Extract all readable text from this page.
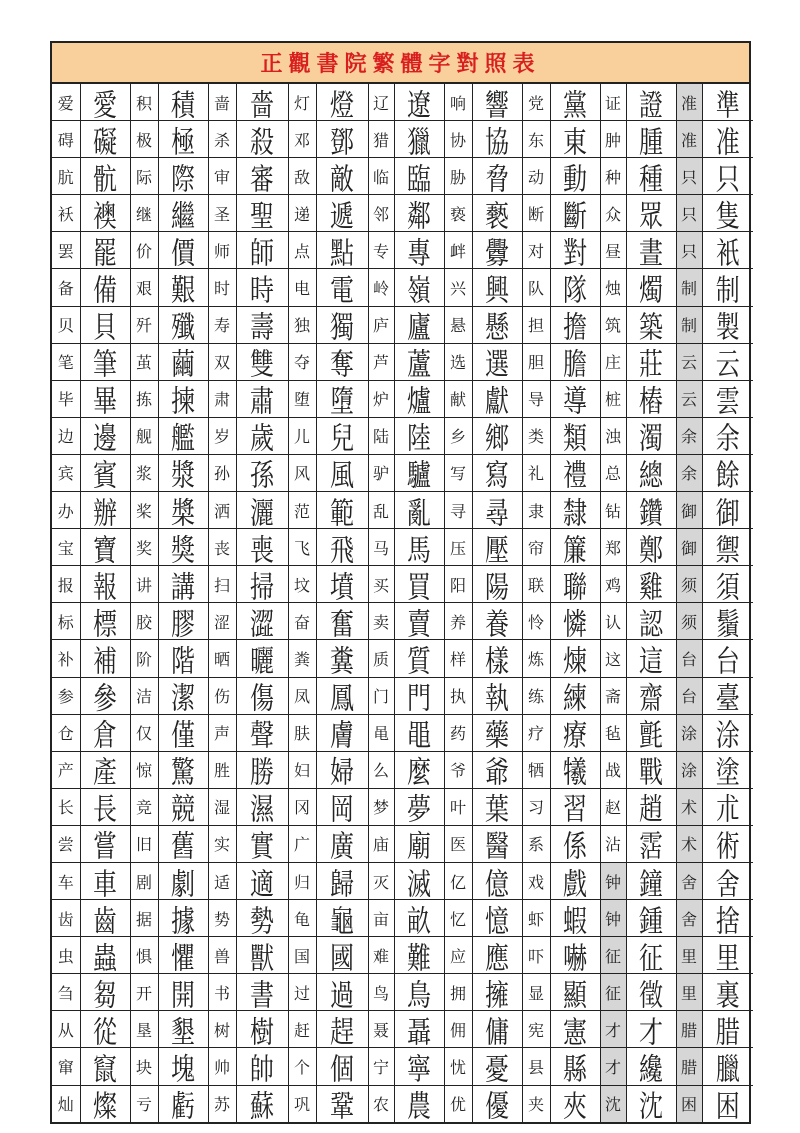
正觀書院繁體字對照表
爱	愛	积	積	啬	嗇	灯	燈	辽	遼	响	響	党	黨	证	證	准	準
碍	礙	极	極	杀	殺	邓	鄧	猎	獵	协	協	东	東	肿	腫	准	准
肮	骯	际	際	审	審	敌	敵	临	臨	胁	脅	动	動	种	種	只	只
袄	襖	继	繼	圣	聖	递	遞	邻	鄰	亵	褻	断	斷	众	眾	只	隻
罢	罷	价	價	师	師	点	點	专	專	衅	釁	对	對	昼	晝	只	衹
备	備	艰	艱	时	時	电	電	岭	嶺	兴	興	队	隊	烛	燭	制	制
贝	貝	歼	殲	寿	壽	独	獨	庐	廬	悬	懸	担	擔	筑	築	制	製
笔	筆	茧	繭	双	雙	夺	奪	芦	蘆	选	選	胆	膽	庄	莊	云	云
毕	畢	拣	揀	肃	肅	堕	墮	炉	爐	献	獻	导	導	桩	樁	云	雲
边	邊	舰	艦	岁	歲	儿	兒	陆	陸	乡	鄉	类	類	浊	濁	余	余
宾	賓	浆	漿	孙	孫	风	風	驴	驢	写	寫	礼	禮	总	總	余	餘
办	辦	桨	槳	洒	灑	范	範	乱	亂	寻	尋	隶	隸	钻	鑽	御	御
宝	寶	奖	獎	丧	喪	飞	飛	马	馬	压	壓	帘	簾	郑	鄭	御	禦
报	報	讲	講	扫	掃	坟	墳	买	買	阳	陽	联	聯	鸡	雞	须	須
标	標	胶	膠	涩	澀	奋	奮	卖	賣	养	養	怜	憐	认	認	须	鬚
补	補	阶	階	晒	曬	粪	糞	质	質	样	樣	炼	煉	这	這	台	台
参	參	洁	潔	伤	傷	凤	鳳	门	門	执	執	练	練	斋	齋	台	臺
仓	倉	仅	僅	声	聲	肤	膚	黾	黽	药	藥	疗	療	毡	氈	涂	涂
产	產	惊	驚	胜	勝	妇	婦	么	麼	爷	爺	牺	犧	战	戰	涂	塗
长	長	竞	競	湿	濕	冈	岡	梦	夢	叶	葉	习	習	赵	趙	术	朮
尝	嘗	旧	舊	实	實	广	廣	庙	廟	医	醫	系	係	沾	霑	术	術
车	車	剧	劇	适	適	归	歸	灭	滅	亿	億	戏	戲	钟	鐘	舍	舍
齿	齒	据	據	势	勢	龟	龜	亩	畝	忆	憶	虾	蝦	钟	鍾	舍	捨
虫	蟲	惧	懼	兽	獸	国	國	难	難	应	應	吓	嚇	征	征	里	里
刍	芻	开	開	书	書	过	過	鸟	鳥	拥	擁	显	顯	征	徵	里	裏
从	從	垦	墾	树	樹	赶	趕	聂	聶	佣	傭	宪	憲	才	才	腊	腊
窜	竄	块	塊	帅	帥	个	個	宁	寧	忧	憂	县	縣	才	纔	腊	臘
灿	燦	亏	虧	苏	蘇	巩	鞏	农	農	优	優	夹	夾	沈	沈	困	困
